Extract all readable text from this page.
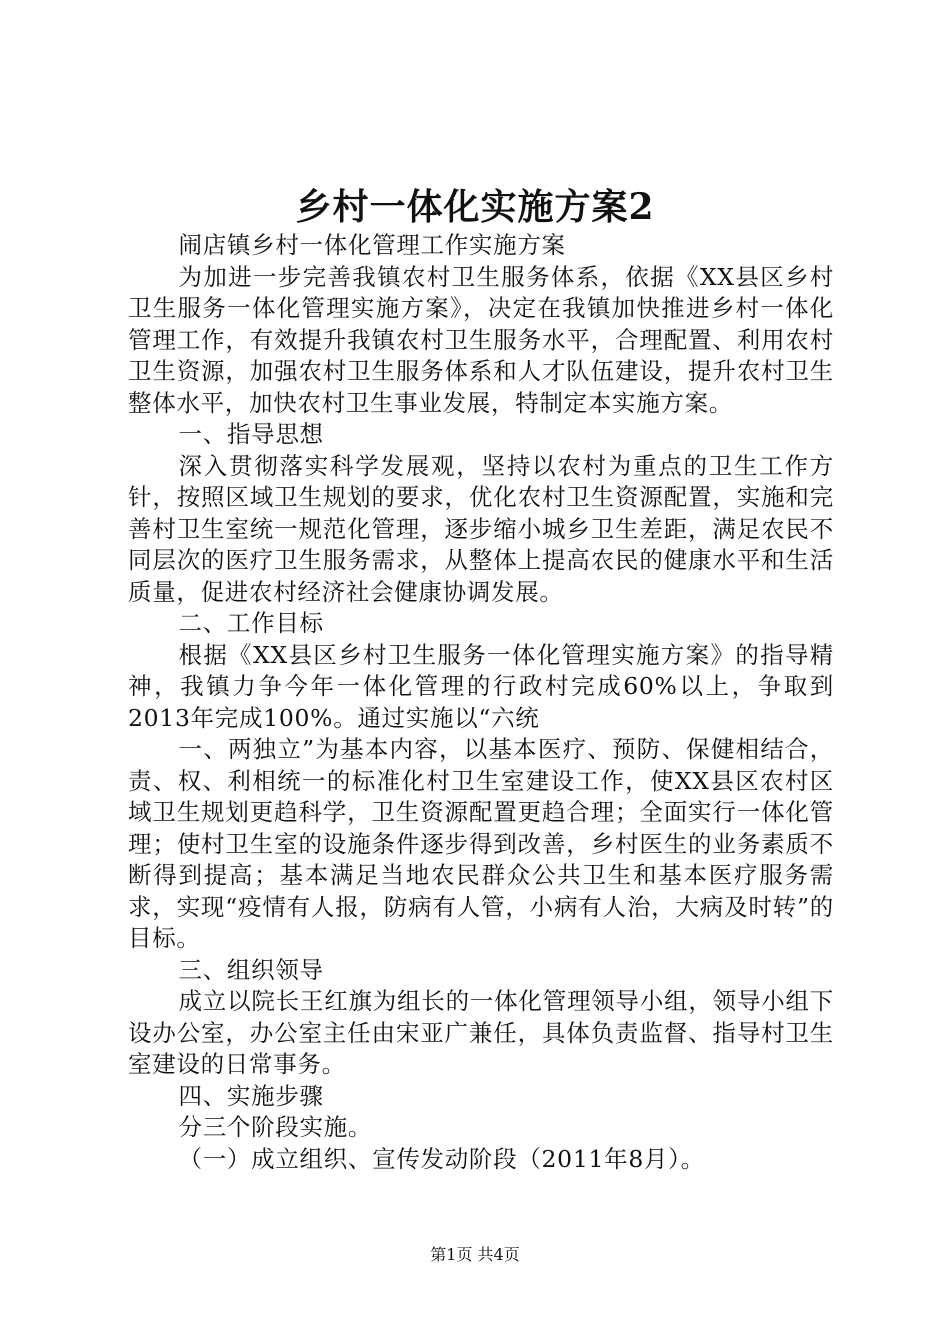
乡村一体化实施方案2

闹店镇乡村一体化管理工作实施方案

为加进一步完善我镇农村卫生服务体系，依据《XX县区乡村卫生服务一体化管理实施方案》，决定在我镇加快推进乡村一体化管理工作，有效提升我镇农村卫生服务水平，合理配置、利用农村卫生资源，加强农村卫生服务体系和人才队伍建设，提升农村卫生整体水平，加快农村卫生事业发展，特制定本实施方案。

一、指导思想

深入贯彻落实科学发展观，坚持以农村为重点的卫生工作方针，按照区域卫生规划的要求，优化农村卫生资源配置，实施和完善村卫生室统一规范化管理，逐步缩小城乡卫生差距，满足农民不同层次的医疗卫生服务需求，从整体上提高农民的健康水平和生活质量，促进农村经济社会健康协调发展。

二、工作目标

根据《XX县区乡村卫生服务一体化管理实施方案》的指导精神，我镇力争今年一体化管理的行政村完成60%以上，争取到2013年完成100%。通过实施以“六统

一、两独立”为基本内容，以基本医疗、预防、保健相结合，责、权、利相统一的标准化村卫生室建设工作，使XX县区农村区域卫生规划更趋科学，卫生资源配置更趋合理；全面实行一体化管理；使村卫生室的设施条件逐步得到改善，乡村医生的业务素质不断得到提高；基本满足当地农民群众公共卫生和基本医疗服务需求，实现“疫情有人报，防病有人管，小病有人治，大病及时转”的目标。

三、组织领导

成立以院长王红旗为组长的一体化管理领导小组，领导小组下设办公室，办公室主任由宋亚广兼任，具体负责监督、指导村卫生室建设的日常事务。

四、实施步骤

分三个阶段实施。

（一）成立组织、宣传发动阶段（2011年8月）。

第1页 共4页
